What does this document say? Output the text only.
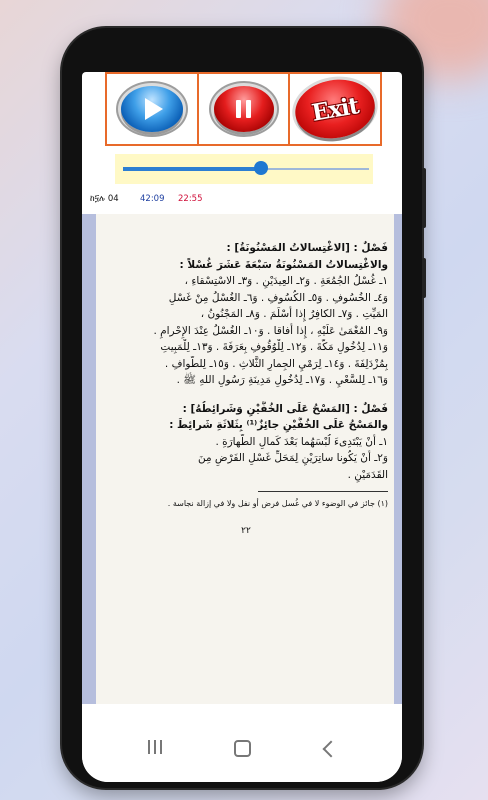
Exit
ከ፶ሉ 04	42:09 22:55
فَصْلٌ : [الاغْتِسالاتُ المَسْنُونَةُ] :
والاغْتِسالاتُ المَسْنُونَةُ سَبْعَةَ عَشَرَ غُسْلاً :
١ـ غُسْلُ الجُمُعَةِ . وَ٢ـ العِيدَيْنِ . وَ٣ـ الاسْتِسْقاءِ ،
وَ٤ـ الخُسُوفِ . وَ٥ـ الكُسُوفِ . وَ٦ـ الغُسْلُ مِنْ غَسْلِ
المَيِّتِ . وَ٧ـ الكافِرُ إِذا أَسْلَمَ . وَ٨ـ المَجْنُونُ ،
وَ٩ـ المُغْمَىٰ عَلَيْهِ ، إِذا أَفاقا . وَ١٠ـ الغُسْلُ عِنْدَ الإِحْرامِ .
وَ١١ـ لِدُخُولِ مَكَّةَ . وَ١٢ـ لِلْوُقُوفِ بِعَرَفَةَ . وَ١٣ـ لِلْمَبِيتِ
بِمُزْدَلِفَةَ . وَ١٤ـ لِرَمْيِ الجِمارِ الثَّلاثِ . وَ١٥ـ لِلطَّوافِ .
وَ١٦ـ لِلسَّعْيِ . وَ١٧ـ لِدُخُولِ مَدِينَةِ رَسُولِ اللهِ ﷺ .
فَصْلٌ : [المَسْحُ عَلَى الخُفَّيْنِ وَشَرائِطُهُ] :
والمَسْحُ عَلَى الخُفَّيْنِ جائِزٌ⁽¹⁾ بِثَلاثَةِ شَرائِطَ :
١ـ أَنْ يَبْتَدِىءَ لُبْسَهُما بَعْدَ كَمالِ الطَّهارَةِ .
وَ٢ـ أَنْ يَكُونا ساتِرَيْنِ لِمَحَلِّ غَسْلِ الفَرْضِ مِنَ
القَدَمَيْنِ .
(١) جائز في الوضوء لا في غُسل فرض أو نفل ولا في إزالة نجاسة .
٢٢
